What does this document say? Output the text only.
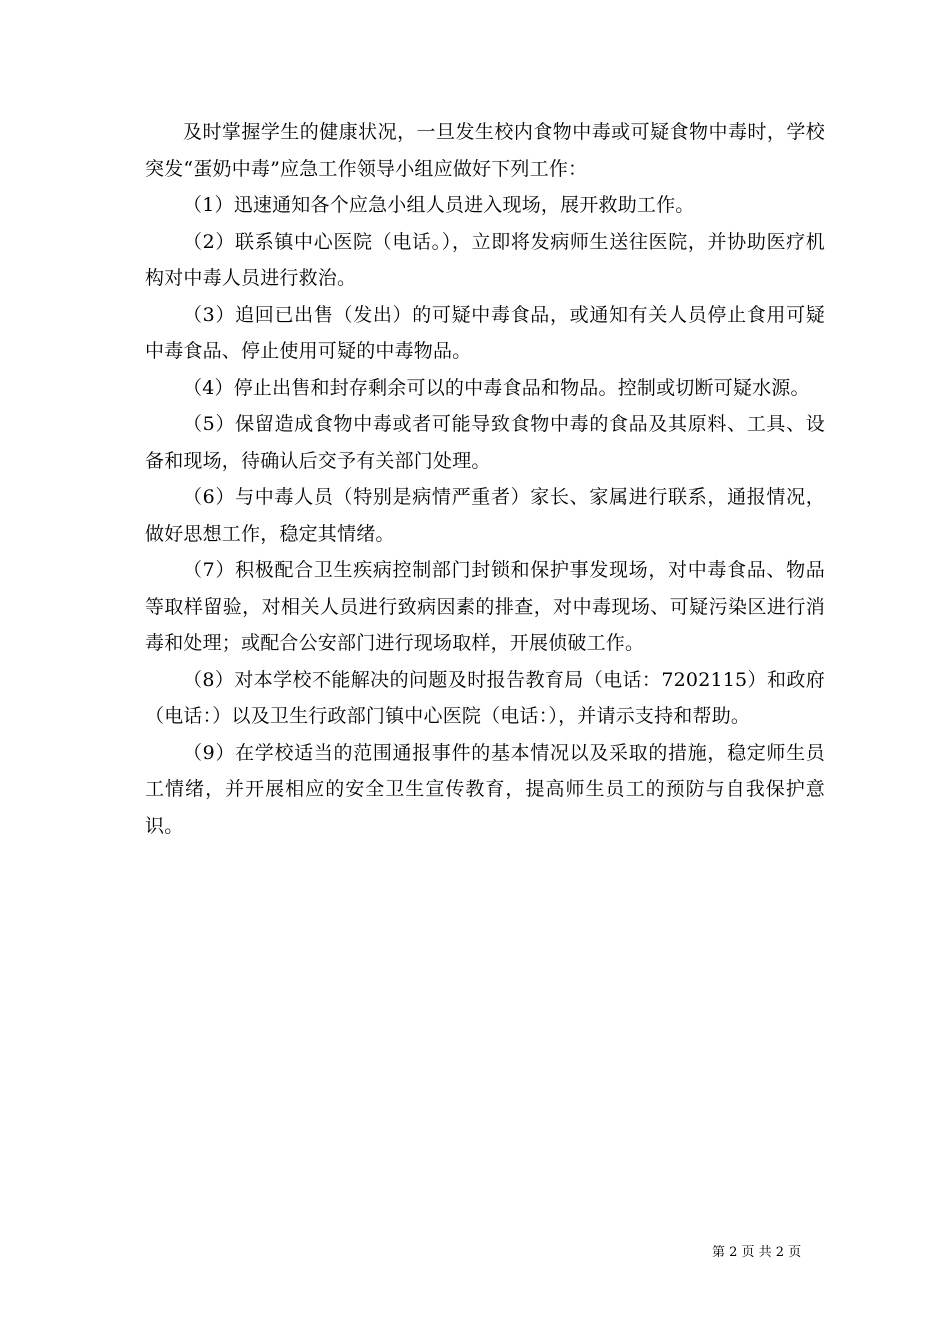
及时掌握学生的健康状况，一旦发生校内食物中毒或可疑食物中毒时，学校突发“蛋奶中毒”应急工作领导小组应做好下列工作：

（1）迅速通知各个应急小组人员进入现场，展开救助工作。

（2）联系镇中心医院（电话。），立即将发病师生送往医院，并协助医疗机构对中毒人员进行救治。

（3）追回已出售（发出）的可疑中毒食品，或通知有关人员停止食用可疑中毒食品、停止使用可疑的中毒物品。

（4）停止出售和封存剩余可以的中毒食品和物品。控制或切断可疑水源。

（5）保留造成食物中毒或者可能导致食物中毒的食品及其原料、工具、设备和现场，待确认后交予有关部门处理。

（6）与中毒人员（特别是病情严重者）家长、家属进行联系，通报情况，做好思想工作，稳定其情绪。

（7）积极配合卫生疾病控制部门封锁和保护事发现场，对中毒食品、物品等取样留验，对相关人员进行致病因素的排查，对中毒现场、可疑污染区进行消毒和处理；或配合公安部门进行现场取样，开展侦破工作。

（8）对本学校不能解决的问题及时报告教育局（电话：7202115）和政府（电话：）以及卫生行政部门镇中心医院（电话：），并请示支持和帮助。

（9）在学校适当的范围通报事件的基本情况以及采取的措施，稳定师生员工情绪，并开展相应的安全卫生宣传教育，提高师生员工的预防与自我保护意识。

第 2 页 共 2 页
